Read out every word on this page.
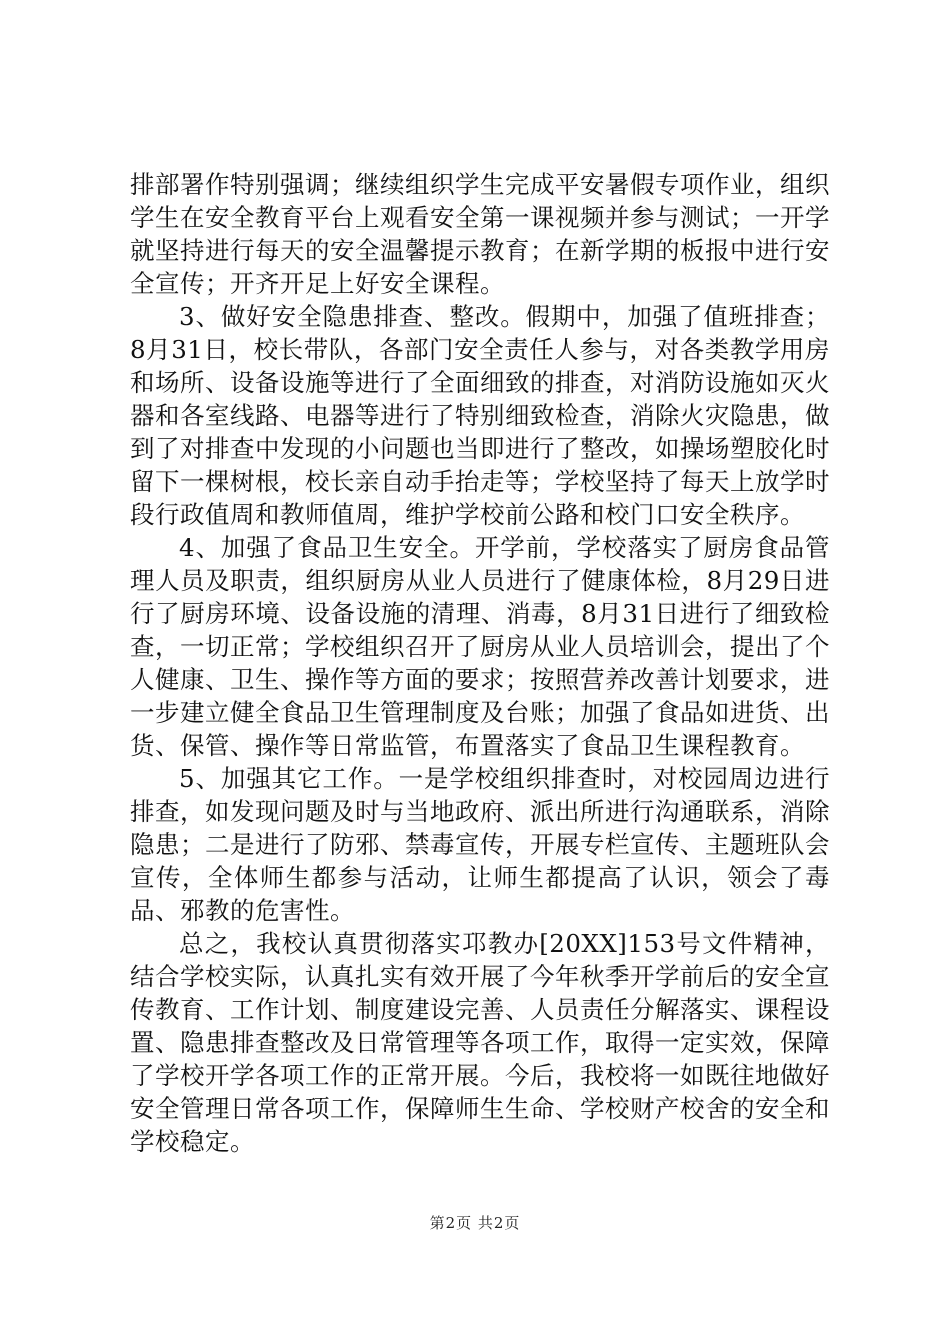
排部署作特别强调；继续组织学生完成平安暑假专项作业，组织学生在安全教育平台上观看安全第一课视频并参与测试；一开学就坚持进行每天的安全温馨提示教育；在新学期的板报中进行安全宣传；开齐开足上好安全课程。

3、做好安全隐患排查、整改。假期中，加强了值班排查；8月31日，校长带队，各部门安全责任人参与，对各类教学用房和场所、设备设施等进行了全面细致的排查，对消防设施如灭火器和各室线路、电器等进行了特别细致检查，消除火灾隐患，做到了对排查中发现的小问题也当即进行了整改，如操场塑胶化时留下一棵树根，校长亲自动手抬走等；学校坚持了每天上放学时段行政值周和教师值周，维护学校前公路和校门口安全秩序。

4、加强了食品卫生安全。开学前，学校落实了厨房食品管理人员及职责，组织厨房从业人员进行了健康体检，8月29日进行了厨房环境、设备设施的清理、消毒，8月31日进行了细致检查，一切正常；学校组织召开了厨房从业人员培训会，提出了个人健康、卫生、操作等方面的要求；按照营养改善计划要求，进一步建立健全食品卫生管理制度及台账；加强了食品如进货、出货、保管、操作等日常监管，布置落实了食品卫生课程教育。

5、加强其它工作。一是学校组织排查时，对校园周边进行排查，如发现问题及时与当地政府、派出所进行沟通联系，消除隐患；二是进行了防邪、禁毒宣传，开展专栏宣传、主题班队会宣传，全体师生都参与活动，让师生都提高了认识，领会了毒品、邪教的危害性。

总之，我校认真贯彻落实邛教办[20XX]153号文件精神，结合学校实际，认真扎实有效开展了今年秋季开学前后的安全宣传教育、工作计划、制度建设完善、人员责任分解落实、课程设置、隐患排查整改及日常管理等各项工作，取得一定实效，保障了学校开学各项工作的正常开展。今后，我校将一如既往地做好安全管理日常各项工作，保障师生生命、学校财产校舍的安全和学校稳定。

第2页 共2页
